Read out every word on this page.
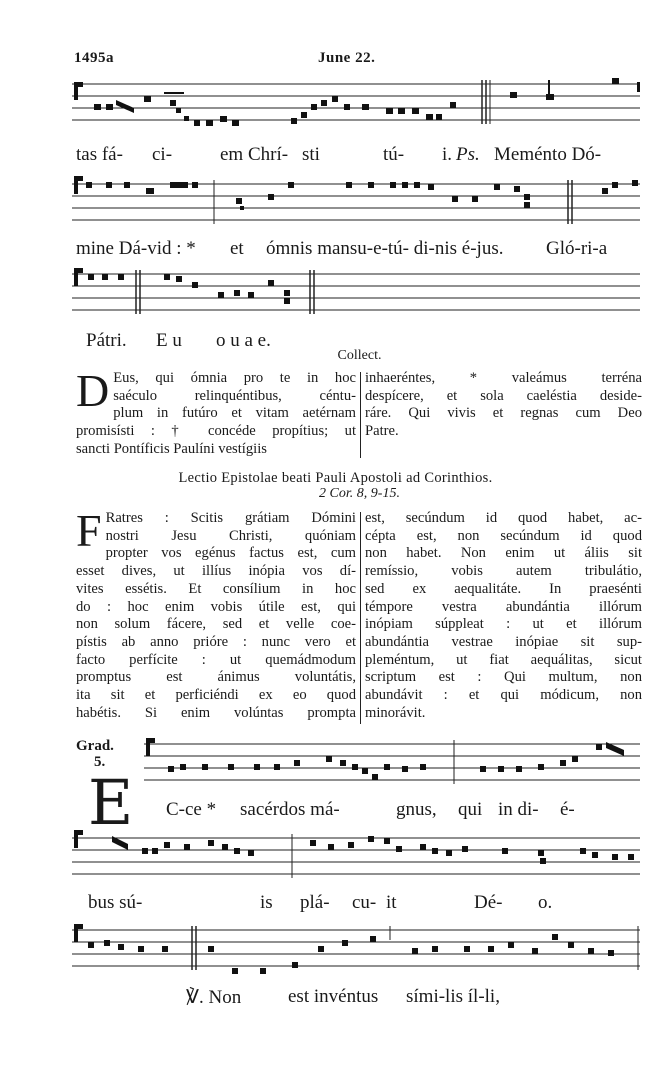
1495a	June 22.
tas fá- ci-	em Chrí- sti	tú- i. Ps. Meménto Dó-
mine Dá-vid : * et ómnis mansu-e-tú- di-nis é-jus. Gló-ri-a
Pátri. E u o u a e.
Collect.
D Eus, qui ómnia pro te in hoc
saéculo relinquéntibus, céntu-
plum in futúro et vitam aetérnam
promisísti : † concéde propítius; ut
sancti Pontíficis Paulíni vestígiis
inhaeréntes, * valeámus terréna
despícere, et sola caeléstia deside-
ráre. Qui vivis et regnas cum Deo
Patre.
Lectio Epistolae beati Pauli Apostoli ad Corinthios.
2 Cor. 8, 9-15.
F Ratres : Scitis grátiam Dómini
nostri Jesu Christi, quóniam
propter vos egénus factus est, cum
esset dives, ut illíus inópia vos dí-
vites essétis. Et consílium in hoc
do : hoc enim vobis útile est, qui
non solum fácere, sed et velle coe-
pístis ab anno prióre : nunc vero et
facto perfícite : ut quemádmodum
promptus est ánimus voluntátis,
ita sit et perficiéndi ex eo quod
habétis. Si enim volúntas prompta
est, secúndum id quod habet, ac-
cépta est, non secúndum id quod
non habet. Non enim ut áliis sit
remíssio, vobis autem tribulátio,
sed ex aequalitáte. In praesénti
témpore vestra abundántia illórum
inópiam súppleat : ut et illórum
abundántia vestrae inópiae sit sup-
pleméntum, ut fiat aequálitas, sicut
scriptum est : Qui multum, non
abundávit : et qui módicum, non
minorávit.
Grad.
5.
E C-ce * sacérdos má-	gnus, qui in di- é-
bus sú-	is plá- cu- it	Dé- o.
℣. Non est invéntus sími-lis íl-li,
